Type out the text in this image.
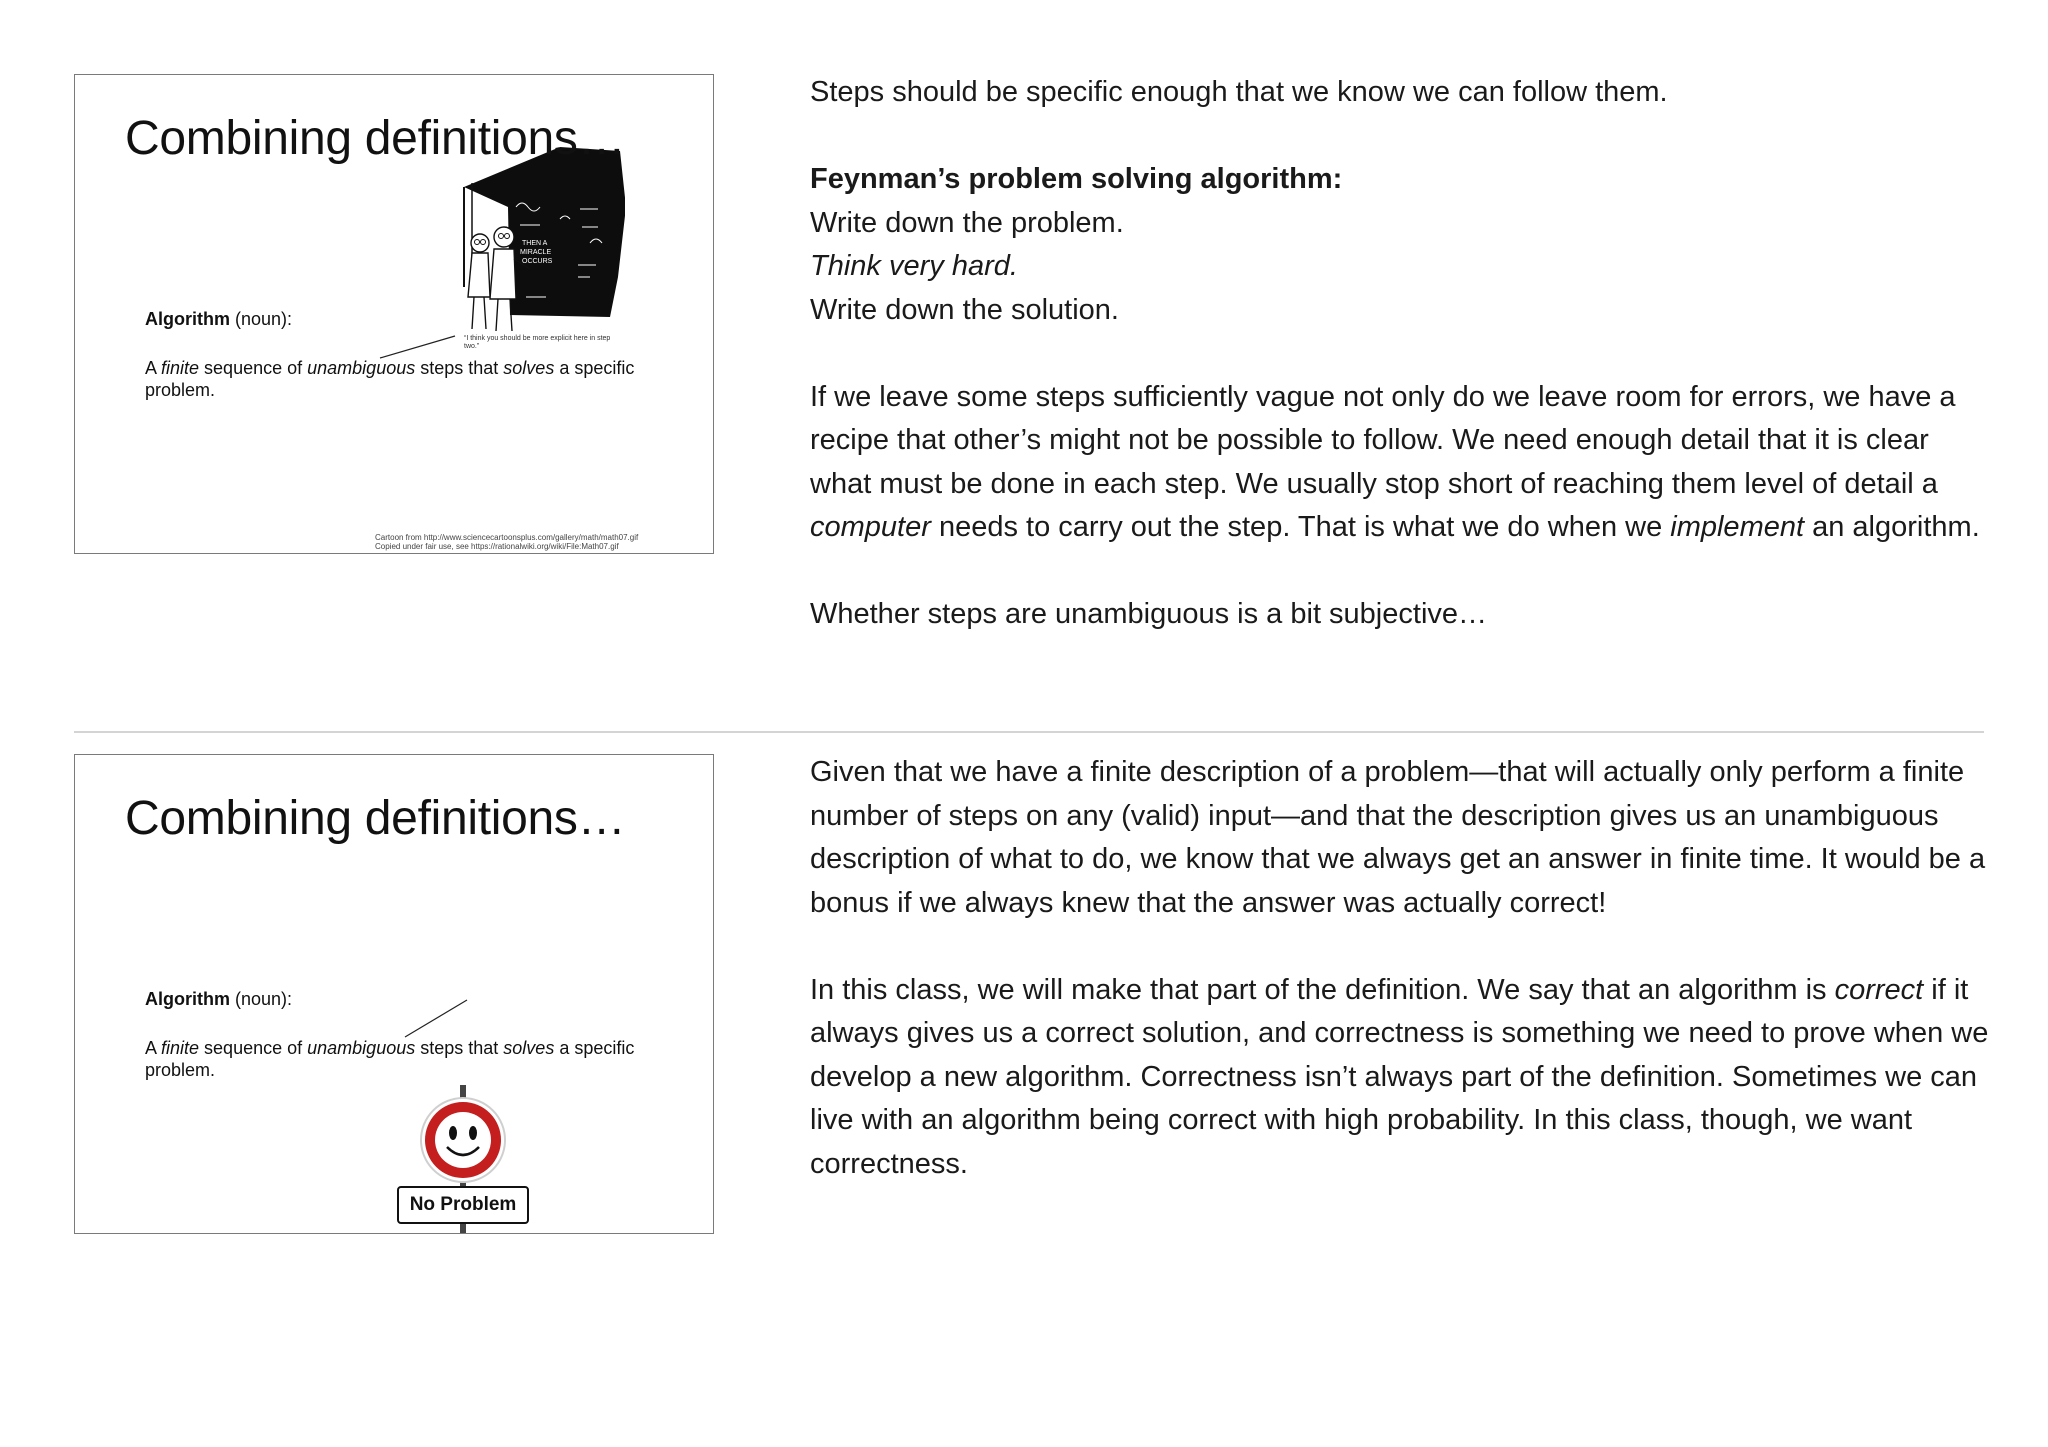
THEN A
MIRACLE
OCCURS
Combining definitions…
“I think you should be more explicit here in step two.”
Algorithm (noun):
A finite sequence of unambiguous steps that solves a specific problem.
Cartoon from http://www.sciencecartoonsplus.com/gallery/math/math07.gif
Copied under fair use, see https://rationalwiki.org/wiki/File:Math07.gif

Steps should be specific enough that we know we can follow them.

Feynman’s problem solving algorithm:
Write down the problem.
Think very hard.

Write down the solution.

If we leave some steps sufficiently vague not only do we leave room for errors, we have a recipe that other’s might not be possible to follow. We need enough detail that it is clear what must be done in each step. We usually stop short of reaching them level of detail a computer needs to carry out the step. That is what we do when we implement an algorithm.

Whether steps are unambiguous is a bit subjective…

Combining definitions…
Algorithm (noun):
A finite sequence of unambiguous steps that solves a specific problem.
No Problem

Given that we have a finite description of a problem—that will actually only perform a finite number of steps on any (valid) input—and that the description gives us an unambiguous description of what to do, we know that we always get an answer in finite time. It would be a bonus if we always knew that the answer was actually correct!

In this class, we will make that part of the definition. We say that an algorithm is correct if it always gives us a correct solution, and correctness is something we need to prove when we develop a new algorithm. Correctness isn’t always part of the definition. Sometimes we can live with an algorithm being correct with high probability. In this class, though, we want correctness.
